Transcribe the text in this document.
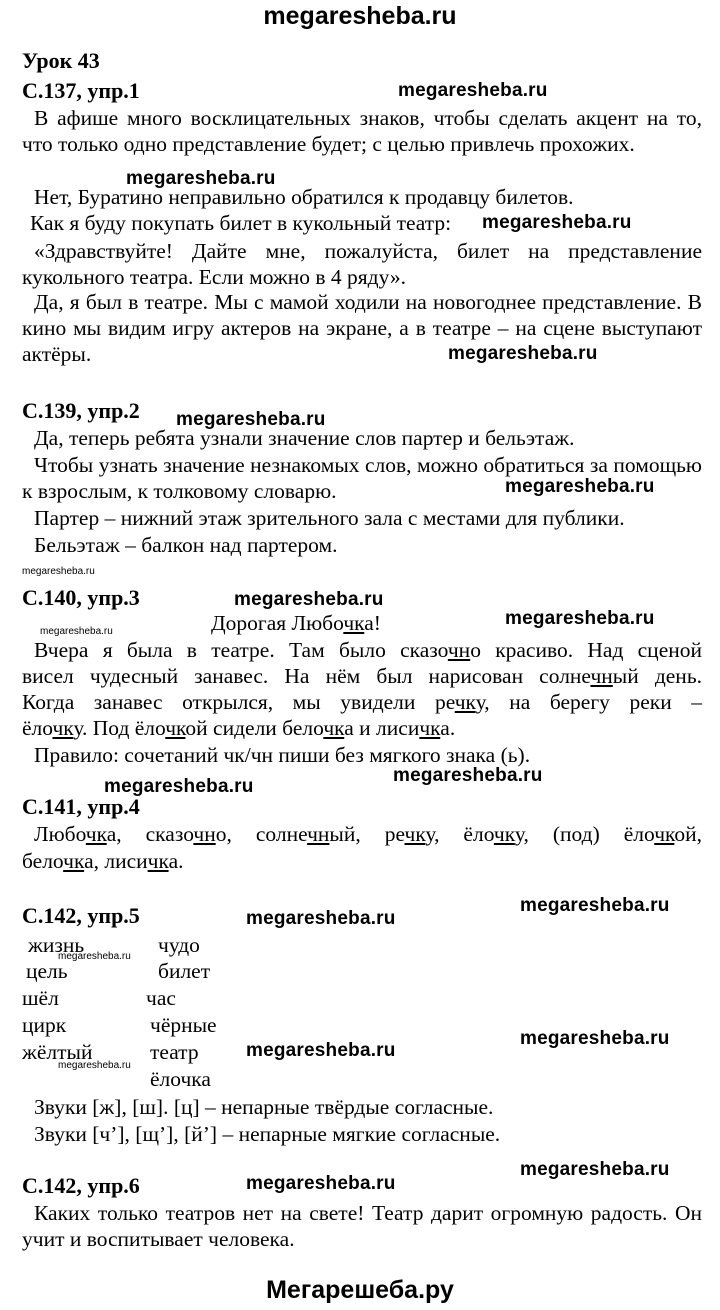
megaresheba.ru
Урок 43
С.137, упр.1
В афише много восклицательных знаков, чтобы сделать акцент на то, что только одно представление будет; с целью привлечь прохожих.
Нет, Буратино неправильно обратился к продавцу билетов.
Как я буду покупать билет в кукольный театр:
«Здравствуйте! Дайте мне, пожалуйста, билет на представление кукольного театра. Если можно в 4 ряду».
Да, я был в театре. Мы с мамой ходили на новогоднее представление. В кино мы видим игру актеров на экране, а в театре – на сцене выступают актёры.
С.139, упр.2
Да, теперь ребята узнали значение слов партер и бельэтаж.
Чтобы узнать значение незнакомых слов, можно обратиться за помощью к взрослым, к толковому словарю.
Партер – нижний этаж зрительного зала с местами для публики.
Бельэтаж – балкон над партером.
С.140, упр.3
Дорогая Любочка!
Вчера я была в театре. Там было сказочно красиво. Над сценой
висел чудесный занавес. На нём был нарисован солнечный день.
Когда занавес открылся, мы увидели речку, на берегу реки –
ёлочку. Под ёлочкой сидели белочка и лисичка.
Правило: сочетаний чк/чн пиши без мягкого знака (ь).
С.141, упр.4
Любочка, сказочно, солнечный, речку, ёлочку, (под) ёлочкой,
белочка, лисичка.
С.142, упр.5
жизнь
цель
шёл
цирк
жёлтый
чудо
билет
час
чёрные
театр
ёлочка
Звуки [ж], [ш]. [ц] – непарные твёрдые согласные.
Звуки [ч’], [щ’], [й’] – непарные мягкие согласные.
С.142, упр.6
Каких только театров нет на свете! Театр дарит огромную радость. Он учит и воспитывает человека.
megaresheba.ru
megaresheba.ru
megaresheba.ru
megaresheba.ru
megaresheba.ru
megaresheba.ru
megaresheba.ru
megaresheba.ru
megaresheba.ru
megaresheba.ru
megaresheba.ru
megaresheba.ru
megaresheba.ru
megaresheba.ru
megaresheba.ru
megaresheba.ru
megaresheba.ru
megaresheba.ru
megaresheba.ru
megaresheba.ru
Мегарешеба.ру
